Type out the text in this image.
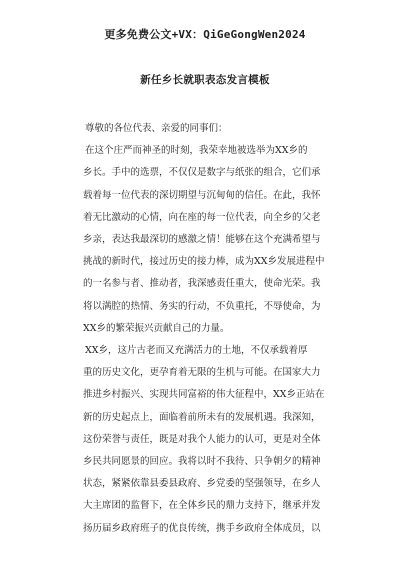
更多免费公文+VX：QiGeGongWen2024
新任乡长就职表态发言模板

尊敬的各位代表、亲爱的同事们：

在这个庄严而神圣的时刻，我荣幸地被选举为XX乡的
乡长。手中的选票，不仅仅是数字与纸张的组合，它们承
载着每一位代表的深切期望与沉甸甸的信任。在此，我怀
着无比激动的心情，向在座的每一位代表，向全乡的父老
乡亲，表达我最深切的感激之情！能够在这个充满希望与
挑战的新时代，接过历史的接力棒，成为XX乡发展进程中
的一名参与者、推动者，我深感责任重大，使命光荣。我
将以满腔的热情、务实的行动，不负重托，不辱使命，为
XX乡的繁荣振兴贡献自己的力量。

XX乡，这片古老而又充满活力的土地，不仅承载着厚
重的历史文化，更孕育着无限的生机与可能。在国家大力
推进乡村振兴、实现共同富裕的伟大征程中，XX乡正站在
新的历史起点上，面临着前所未有的发展机遇。我深知，
这份荣誉与责任，既是对我个人能力的认可，更是对全体
乡民共同愿景的回应。我将以时不我待、只争朝夕的精神
状态，紧紧依靠县委县政府、乡党委的坚强领导，在乡人
大主席团的监督下，在全体乡民的鼎力支持下，继承并发
扬历届乡政府班子的优良传统，携手乡政府全体成员，以
